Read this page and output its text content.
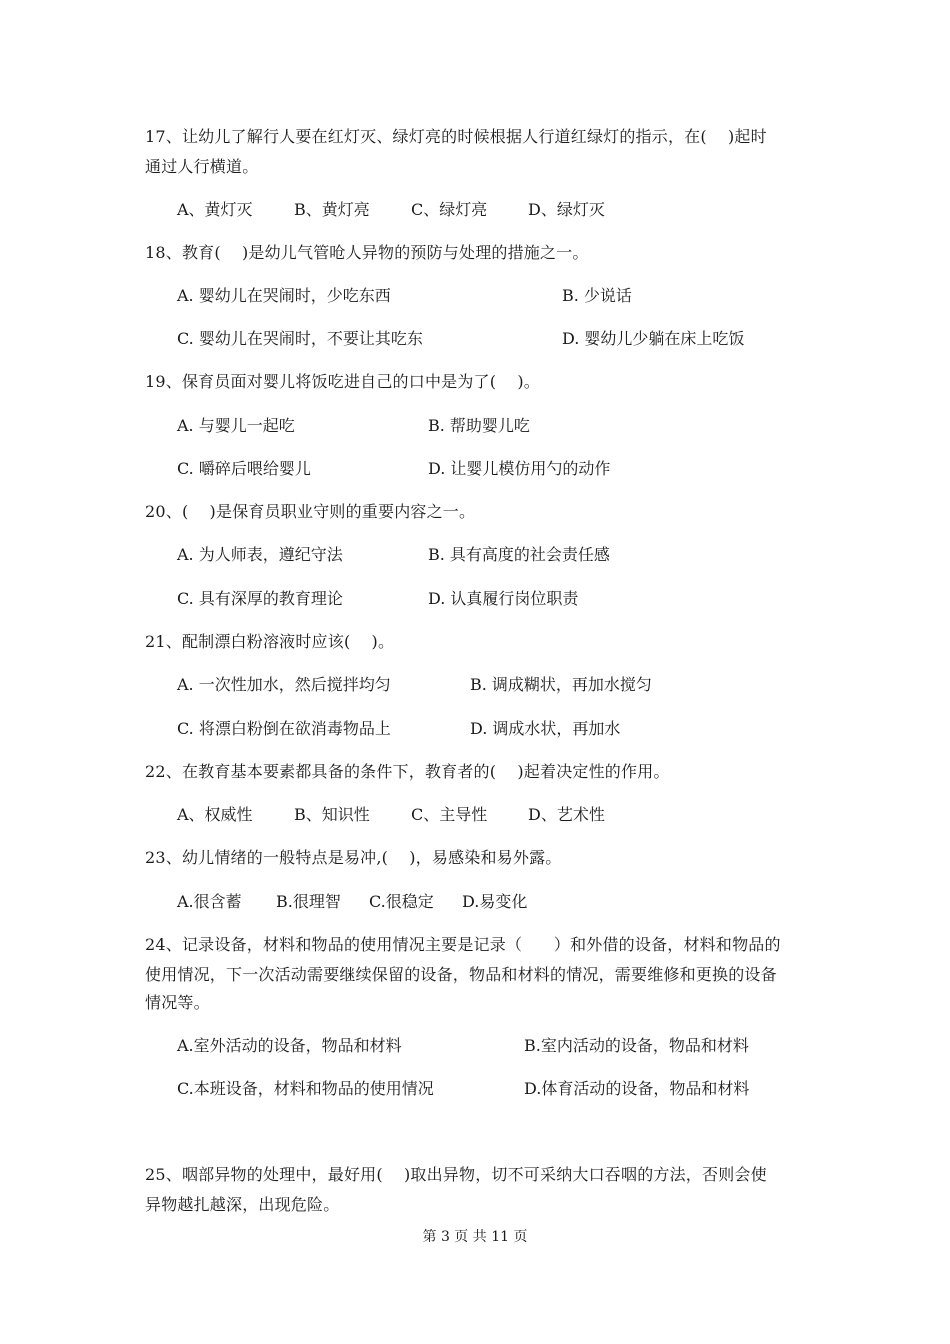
17、让幼儿了解行人要在红灯灭、绿灯亮的时候根据人行道红绿灯的指示，在(    )起时
通过人行横道。
A、黄灯灭	B、黄灯亮	C、绿灯亮	D、绿灯灭
18、教育(    )是幼儿气管呛人异物的预防与处理的措施之一。
A. 婴幼儿在哭闹时，少吃东西	B. 少说话
C. 婴幼儿在哭闹时，不要让其吃东	D. 婴幼儿少躺在床上吃饭
19、保育员面对婴儿将饭吃进自己的口中是为了(    )。
A. 与婴儿一起吃	B. 帮助婴儿吃
C. 嚼碎后喂给婴儿	D. 让婴儿模仿用勺的动作
20、(    )是保育员职业守则的重要内容之一。
A. 为人师表，遵纪守法	B. 具有高度的社会责任感
C. 具有深厚的教育理论	D. 认真履行岗位职责
21、配制漂白粉溶液时应该(    )。
A. 一次性加水，然后搅拌均匀	B. 调成糊状，再加水搅匀
C. 将漂白粉倒在欲消毒物品上	D. 调成水状，再加水
22、在教育基本要素都具备的条件下，教育者的(    )起着决定性的作用。
A、权威性	B、知识性	C、主导性	D、艺术性
23、幼儿情绪的一般特点是易冲,(    )，易感染和易外露。
A.很含蓄 B.很理智 C.很稳定 D.易变化
24、记录设备，材料和物品的使用情况主要是记录（      ）和外借的设备，材料和物品的
使用情况，下一次活动需要继续保留的设备，物品和材料的情况，需要维修和更换的设备
情况等。
A.室外活动的设备，物品和材料	B.室内活动的设备，物品和材料
C.本班设备，材料和物品的使用情况	D.体育活动的设备，物品和材料
25、咽部异物的处理中，最好用(    )取出异物，切不可采纳大口吞咽的方法，否则会使
异物越扎越深，出现危险。
第 3 页 共 11 页
